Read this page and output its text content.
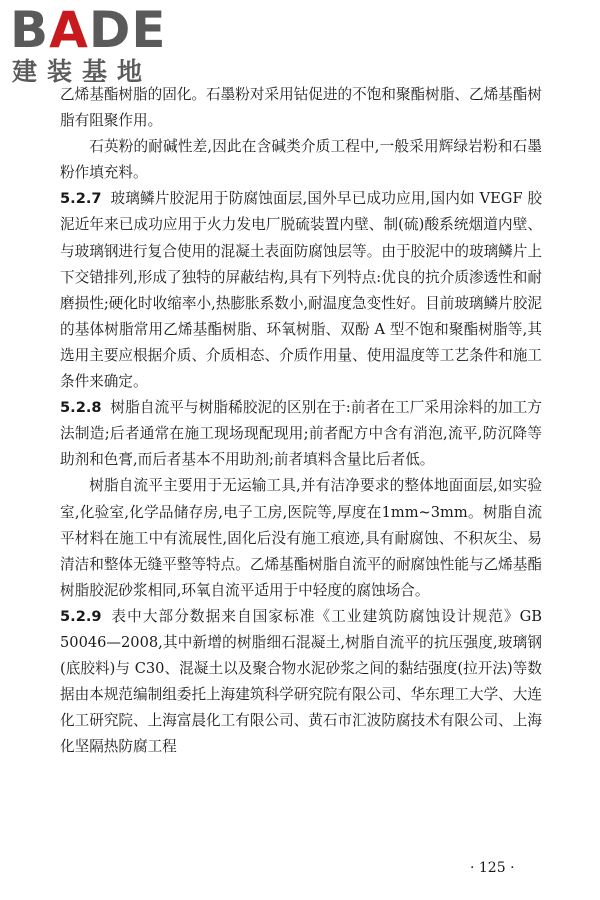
BADE
建装基地

乙烯基酯树脂的固化。石墨粉对采用钴促进的不饱和聚酯树脂、乙烯基酯树脂有阻聚作用。

石英粉的耐碱性差,因此在含碱类介质工程中,一般采用辉绿岩粉和石墨粉作填充料。

5.2.7 玻璃鳞片胶泥用于防腐蚀面层,国外早已成功应用,国内如 VEGF 胶泥近年来已成功应用于火力发电厂脱硫装置内壁、制(硫)酸系统烟道内壁、与玻璃钢进行复合使用的混凝土表面防腐蚀层等。由于胶泥中的玻璃鳞片上下交错排列,形成了独特的屏蔽结构,具有下列特点:优良的抗介质渗透性和耐磨损性;硬化时收缩率小,热膨胀系数小,耐温度急变性好。目前玻璃鳞片胶泥的基体树脂常用乙烯基酯树脂、环氧树脂、双酚 A 型不饱和聚酯树脂等,其选用主要应根据介质、介质相态、介质作用量、使用温度等工艺条件和施工条件来确定。

5.2.8 树脂自流平与树脂稀胶泥的区别在于:前者在工厂采用涂料的加工方法制造;后者通常在施工现场现配现用;前者配方中含有消泡,流平,防沉降等助剂和色膏,而后者基本不用助剂;前者填料含量比后者低。

树脂自流平主要用于无运输工具,并有洁净要求的整体地面面层,如实验室,化验室,化学品储存房,电子工房,医院等,厚度在1mm~3mm。树脂自流平材料在施工中有流展性,固化后没有施工痕迹,具有耐腐蚀、不积灰尘、易清洁和整体无缝平整等特点。乙烯基酯树脂自流平的耐腐蚀性能与乙烯基酯树脂胶泥砂浆相同,环氧自流平适用于中轻度的腐蚀场合。

5.2.9 表中大部分数据来自国家标准《工业建筑防腐蚀设计规范》GB 50046—2008,其中新增的树脂细石混凝土,树脂自流平的抗压强度,玻璃钢(底胶料)与 C30、混凝土以及聚合物水泥砂浆之间的黏结强度(拉开法)等数据由本规范编制组委托上海建筑科学研究院有限公司、华东理工大学、大连化工研究院、上海富晨化工有限公司、黄石市汇波防腐技术有限公司、上海化坚隔热防腐工程

· 125 ·
